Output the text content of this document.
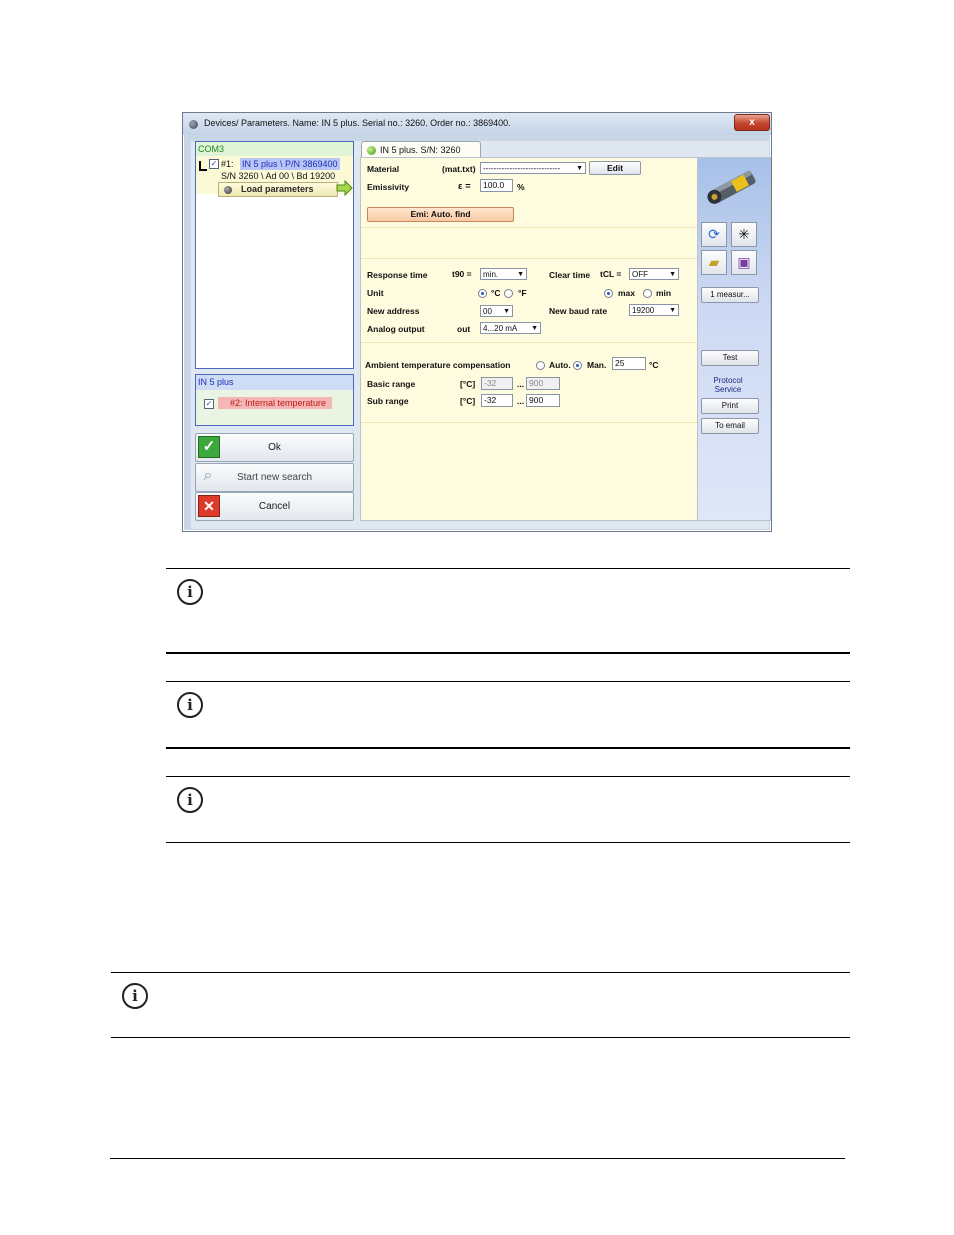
Devices/ Parameters. Name: IN 5 plus. Serial no.: 3260. Order no.: 3869400.	x
COM3
✓ #1: IN 5 plus \ P/N 3869400
S/N 3260 \ Ad 00 \ Bd 19200
Load parameters
IN 5 plus
✓	#2: Internal temperature
✓	Ok
⌕	Start new search
✕	Cancel
IN 5 plus. S/N: 3260
Material	(mat.txt) ----------------------------- ▼	Edit
Emissivity	ε =	100.0	%
Emi: Auto. find
Response time	t90 =	min.	▼	Clear time tCL =	OFF	▼
Unit	°C °F	max min
New address	00 ▼	New baud rate	19200 ▼
Analog output	out	4...20 mA ▼
Ambient temperature compensation	Auto. Man.	25	°C
Basic range	[°C]	-32	... 900
Sub range	[°C]	-32	... 900
⟳	✳
▰	▣
1 measur...
Test
Protocol
Service
Print
To email
i
i
i
i
